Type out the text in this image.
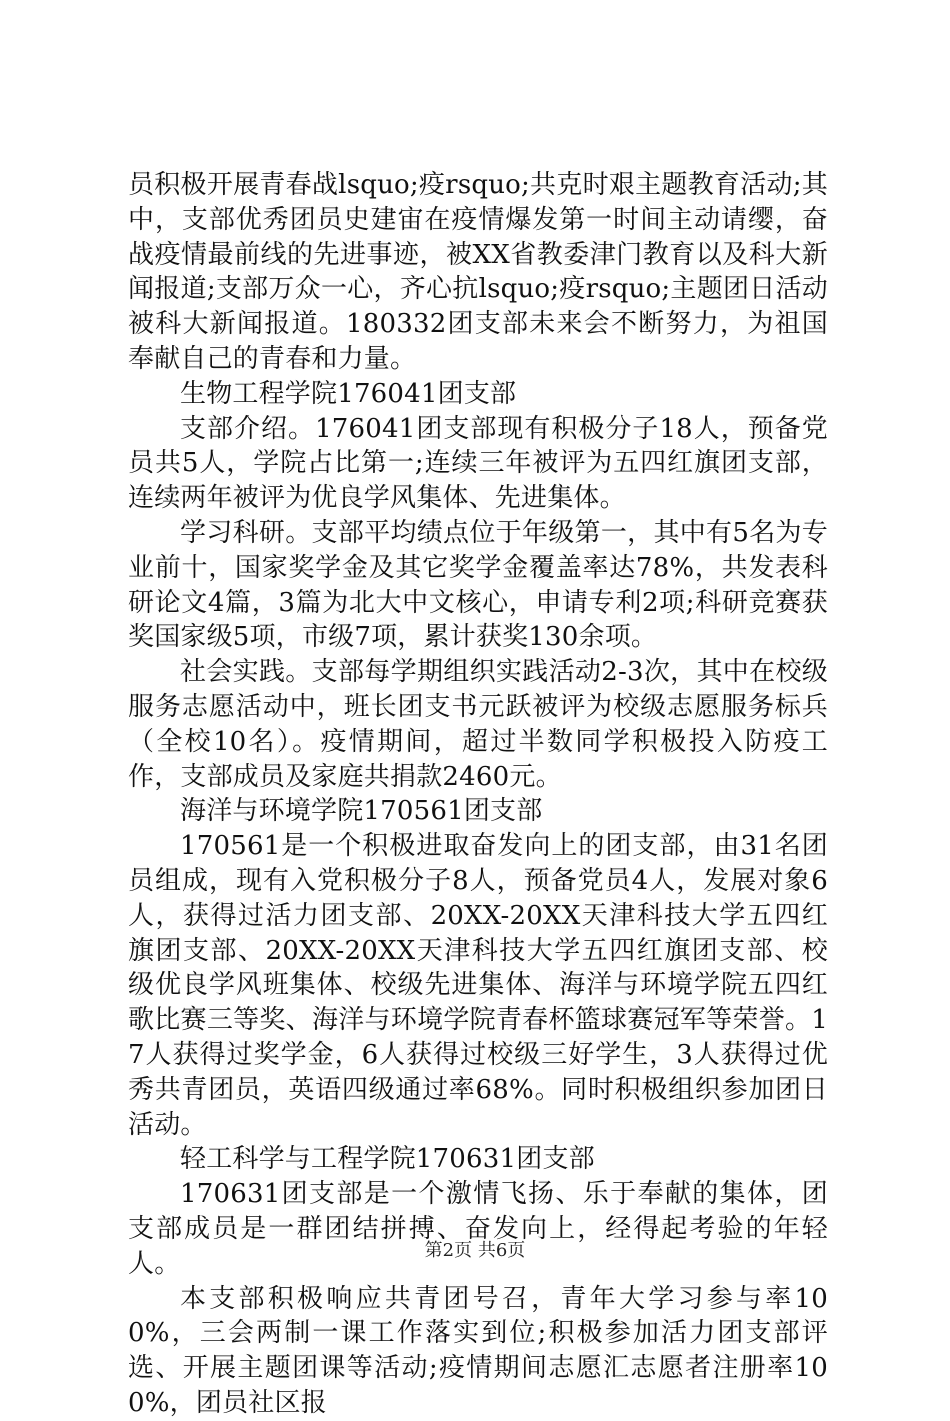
员积极开展青春战lsquo;疫rsquo;共克时艰主题教育活动;其中，支部优秀团员史建宙在疫情爆发第一时间主动请缨，奋战疫情最前线的先进事迹，被XX省教委津门教育以及科大新闻报道;支部万众一心，齐心抗lsquo;疫rsquo;主题团日活动被科大新闻报道。180332团支部未来会不断努力，为祖国奉献自己的青春和力量。

生物工程学院176041团支部

支部介绍。176041团支部现有积极分子18人，预备党员共5人，学院占比第一;连续三年被评为五四红旗团支部，连续两年被评为优良学风集体、先进集体。

学习科研。支部平均绩点位于年级第一，其中有5名为专业前十，国家奖学金及其它奖学金覆盖率达78%，共发表科研论文4篇，3篇为北大中文核心，申请专利2项;科研竞赛获奖国家级5项，市级7项，累计获奖130余项。

社会实践。支部每学期组织实践活动2-3次，其中在校级服务志愿活动中，班长团支书元跃被评为校级志愿服务标兵（全校10名）。疫情期间，超过半数同学积极投入防疫工作，支部成员及家庭共捐款2460元。

海洋与环境学院170561团支部

170561是一个积极进取奋发向上的团支部，由31名团员组成，现有入党积极分子8人，预备党员4人，发展对象6人，获得过活力团支部、20XX-20XX天津科技大学五四红旗团支部、20XX-20XX天津科技大学五四红旗团支部、校级优良学风班集体、校级先进集体、海洋与环境学院五四红歌比赛三等奖、海洋与环境学院青春杯篮球赛冠军等荣誉。17人获得过奖学金，6人获得过校级三好学生，3人获得过优秀共青团员，英语四级通过率68%。同时积极组织参加团日活动。

轻工科学与工程学院170631团支部

170631团支部是一个激情飞扬、乐于奉献的集体，团支部成员是一群团结拼搏、奋发向上，经得起考验的年轻人。

本支部积极响应共青团号召，青年大学习参与率100%，三会两制一课工作落实到位;积极参加活力团支部评选、开展主题团课等活动;疫情期间志愿汇志愿者注册率100%，团员社区报

第2页 共6页
